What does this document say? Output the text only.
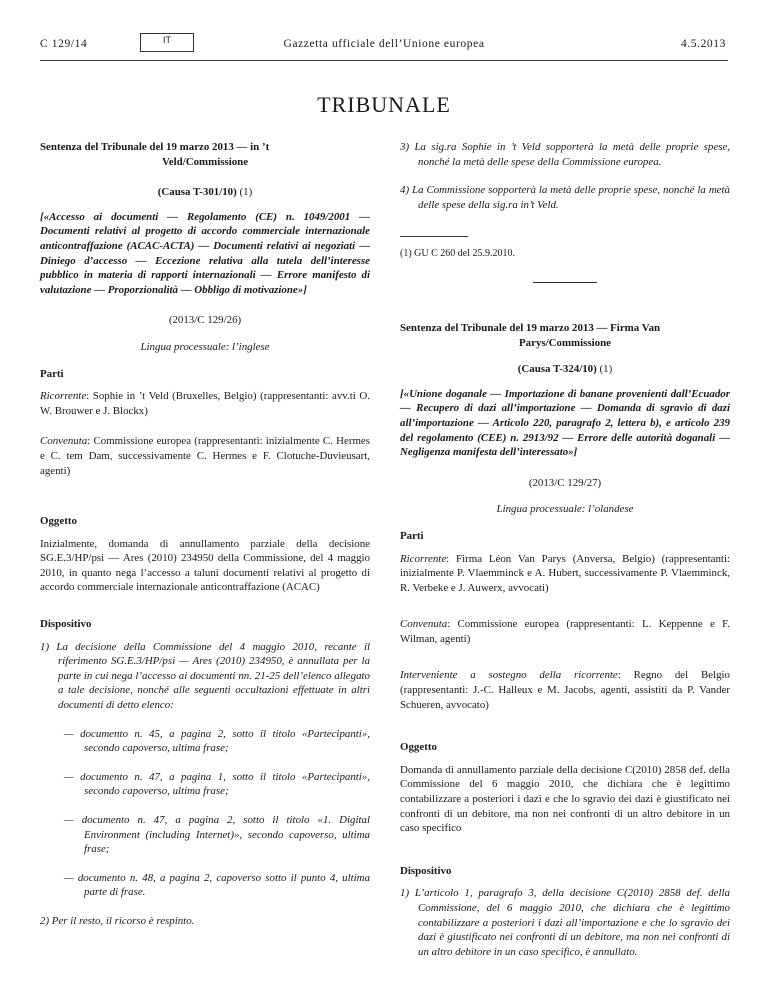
C 129/14	IT	Gazzetta ufficiale dell’Unione europea	4.5.2013
TRIBUNALE

Sentenza del Tribunale del 19 marzo 2013 — in ’t
Veld/Commissione

(Causa T-301/10) (1)

[«Accesso ai documenti — Regolamento (CE) n. 1049/2001 — Documenti relativi al progetto di accordo commerciale internazionale anticontraffazione (ACAC-ACTA) — Documenti relativi ai negoziati — Diniego d’accesso — Eccezione relativa alla tutela dell’interesse pubblico in materia di rapporti internazionali — Errore manifesto di valutazione — Proporzionalità — Obbligo di motivazione»]

(2013/C 129/26)

Lingua processuale: l’inglese

Parti

Ricorrente: Sophie in ’t Veld (Bruxelles, Belgio) (rappresentanti: avv.ti O. W. Brouwer e J. Blockx)

Convenuta: Commissione europea (rappresentanti: inizialmente C. Hermes e C. tem Dam, successivamente C. Hermes e F. Clotuche-Duvieusart, agenti)

Oggetto

Inizialmente, domanda di annullamento parziale della decisione SG.E.3/HP/psi — Ares (2010) 234950 della Commissione, del 4 maggio 2010, in quanto nega l’accesso a taluni documenti relativi al progetto di accordo commerciale internazionale anticontraffazione (ACAC)

Dispositivo

1) La decisione della Commissione del 4 maggio 2010, recante il riferimento SG.E.3/HP/psi — Ares (2010) 234950, è annullata per la parte in cui nega l’accesso ai documenti nn. 21-25 dell’elenco allegato a tale decisione, nonché alle seguenti occultazioni effettuate in altri documenti di detto elenco:

— documento n. 45, a pagina 2, sotto il titolo «Partecipanti», secondo capoverso, ultima frase;

— documento n. 47, a pagina 1, sotto il titolo «Partecipanti», secondo capoverso, ultima frase;

— documento n. 47, a pagina 2, sotto il titolo «1. Digital Environment (including Internet)», secondo capoverso, ultima frase;

— documento n. 48, a pagina 2, capoverso sotto il punto 4, ultima parte di frase.

2) Per il resto, il ricorso è respinto.

3) La sig.ra Sophie in ’t Veld sopporterà la metà delle proprie spese, nonché la metà delle spese della Commissione europea.

4) La Commissione sopporterà la metà delle proprie spese, nonché la metà delle spese della sig.ra in’t Veld.

(1) GU C 260 del 25.9.2010.

Sentenza del Tribunale del 19 marzo 2013 — Firma Van
Parys/Commissione

(Causa T-324/10) (1)

[«Unione doganale — Importazione di banane provenienti dall’Ecuador — Recupero di dazi all’importazione — Domanda di sgravio di dazi all’importazione — Articolo 220, paragrafo 2, lettera b), e articolo 239 del regolamento (CEE) n. 2913/92 — Errore delle autorità doganali — Negligenza manifesta dell’interessato»]

(2013/C 129/27)

Lingua processuale: l’olandese

Parti

Ricorrente: Firma Léon Van Parys (Anversa, Belgio) (rappresentanti: inizialmente P. Vlaemminck e A. Hubert, successivamente P. Vlaemminck, R. Verbeke e J. Auwerx, avvocati)

Convenuta: Commissione europea (rappresentanti: L. Keppenne e F. Wilman, agenti)

Interveniente a sostegno della ricorrente: Regno del Belgio (rappresentanti: J.-C. Halleux e M. Jacobs, agenti, assistiti da P. Vander Schueren, avvocato)

Oggetto

Domanda di annullamento parziale della decisione C(2010) 2858 def. della Commissione del 6 maggio 2010, che dichiara che è legittimo contabilizzare a posteriori i dazi e che lo sgravio dei dazi è giustificato nei confronti di un debitore, ma non nei confronti di un altro debitore in un caso specifico

Dispositivo

1) L’articolo 1, paragrafo 3, della decisione C(2010) 2858 def. della Commissione, del 6 maggio 2010, che dichiara che è legittimo contabilizzare a posteriori i dazi all’importazione e che lo sgravio dei dazi è giustificato nei confronti di un debitore, ma non nei confronti di un altro debitore in un caso specifico, è annullato.
